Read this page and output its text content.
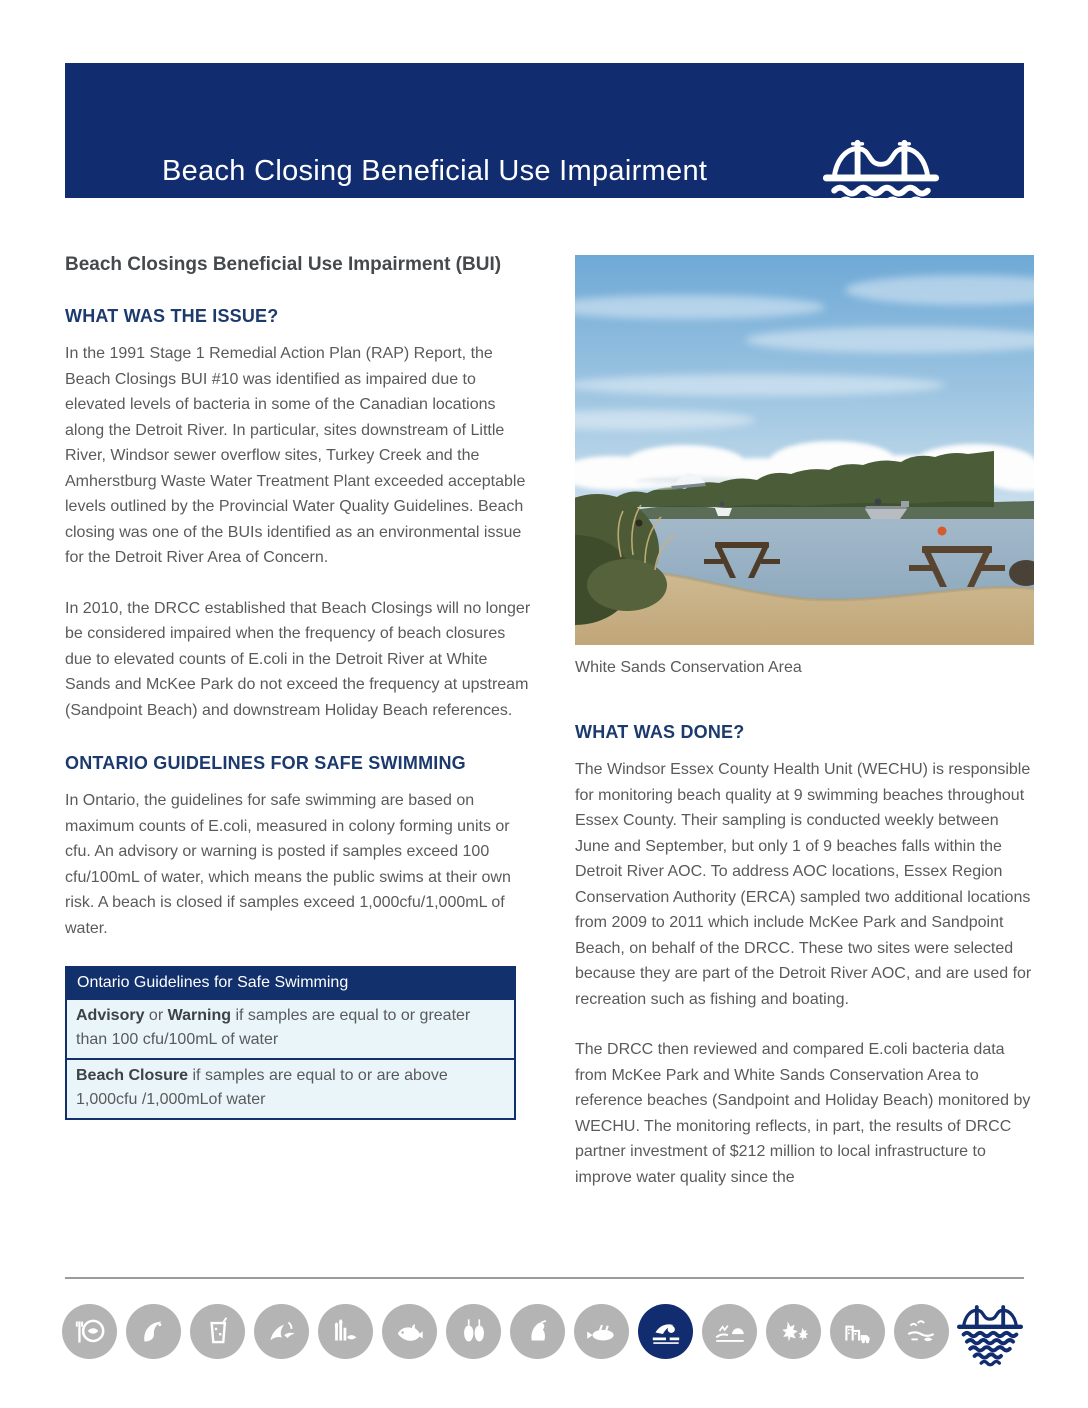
Beach Closing Beneficial Use Impairment
Re-Designation
Beach Closings Beneficial Use Impairment (BUI)
WHAT WAS THE ISSUE?

In the 1991 Stage 1 Remedial Action Plan (RAP) Report, the Beach Closings BUI #10 was identified as impaired due to elevated levels of bacteria in some of the Canadian locations along the Detroit River. In particular, sites downstream of Little River, Windsor sewer overflow sites, Turkey Creek and the Amherstburg Waste Water Treatment Plant exceeded acceptable levels outlined by the Provincial Water Quality Guidelines. Beach closing was one of the BUIs identified as an environmental issue for the Detroit River Area of Concern.

In 2010, the DRCC established that Beach Closings will no longer be considered impaired when the frequency of beach closures due to elevated counts of E.coli in the Detroit River at White Sands and McKee Park do not exceed the frequency at upstream (Sandpoint Beach) and downstream Holiday Beach references.

ONTARIO GUIDELINES FOR SAFE SWIMMING

In Ontario, the guidelines for safe swimming are based on maximum counts of E.coli, measured in colony forming units or cfu. An advisory or warning is posted if samples exceed 100 cfu/100mL of water, which means the public swims at their own risk. A beach is closed if samples exceed 1,000cfu/1,000mL of water.

Ontario Guidelines for Safe Swimming
Advisory or Warning if samples are equal to or greater than 100 cfu/100mL of water
Beach Closure if samples are equal to or are above 1,000cfu /1,000mLof water

White Sands Conservation Area

WHAT WAS DONE?

The Windsor Essex County Health Unit (WECHU) is responsible for monitoring beach quality at 9 swimming beaches throughout Essex County. Their sampling is conducted weekly between June and September, but only 1 of 9 beaches falls within the Detroit River AOC. To address AOC locations, Essex Region Conservation Authority (ERCA) sampled two additional locations from 2009 to 2011 which include McKee Park and Sandpoint Beach, on behalf of the DRCC. These two sites were selected because they are part of the Detroit River AOC, and are used for recreation such as fishing and boating.

The DRCC then reviewed and compared E.coli bacteria data from McKee Park and White Sands Conservation Area to reference beaches (Sandpoint and Holiday Beach) monitored by WECHU. The monitoring reflects, in part, the results of DRCC partner investment of $212 million to local infrastructure to improve water quality since the
